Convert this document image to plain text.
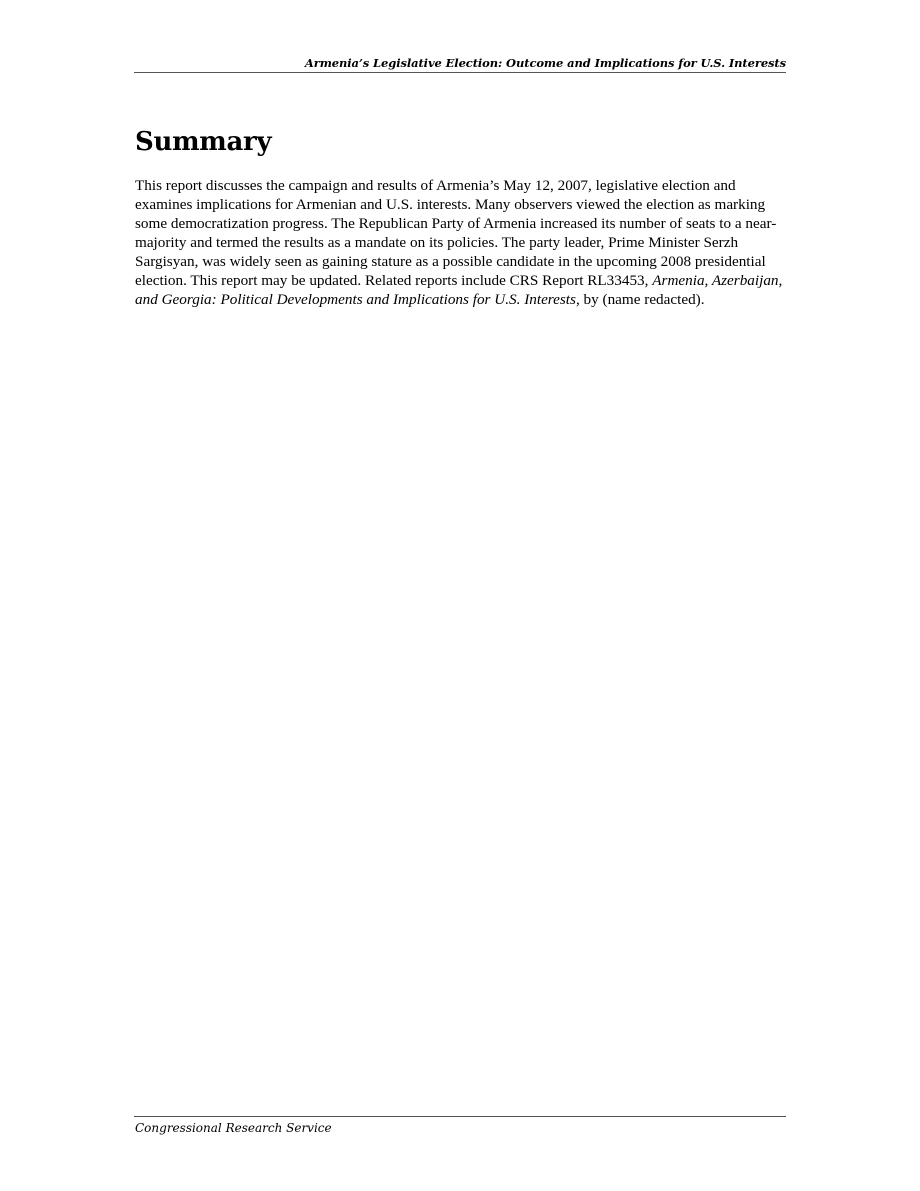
Armenia’s Legislative Election: Outcome and Implications for U.S. Interests
Summary

This report discusses the campaign and results of Armenia’s May 12, 2007, legislative election and examines implications for Armenian and U.S. interests. Many observers viewed the election as marking some democratization progress. The Republican Party of Armenia increased its number of seats to a near-majority and termed the results as a mandate on its policies. The party leader, Prime Minister Serzh Sargisyan, was widely seen as gaining stature as a possible candidate in the upcoming 2008 presidential election. This report may be updated. Related reports include CRS Report RL33453, Armenia, Azerbaijan, and Georgia: Political Developments and Implications for U.S. Interests, by (name redacted).

Congressional Research Service
